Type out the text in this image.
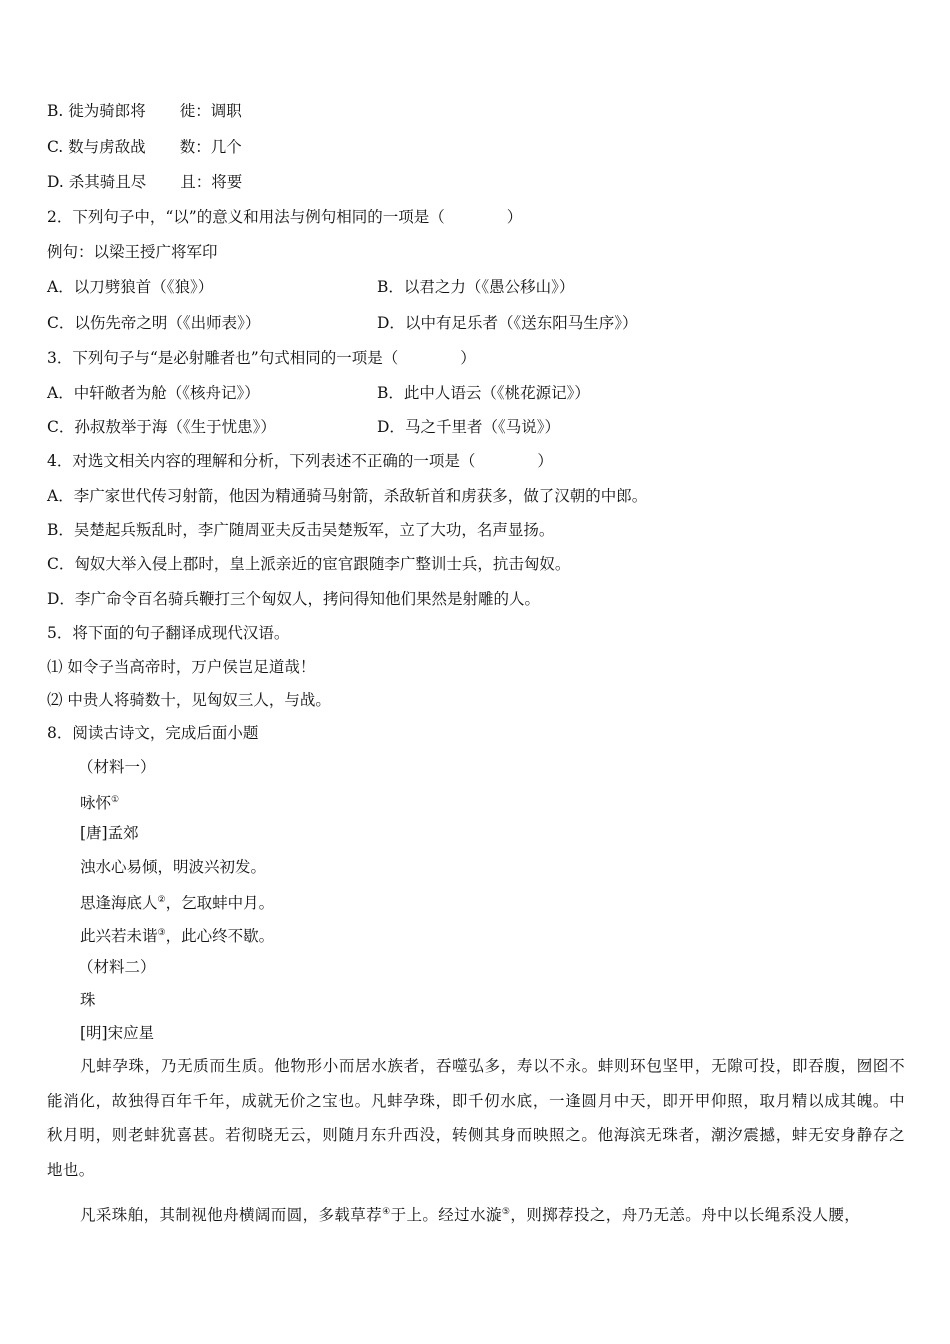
B. 徙为骑郎将 徙：调职
C. 数与虏敌战 数：几个
D. 杀其骑且尽 且：将要
2．下列句子中，“以”的意义和用法与例句相同的一项是（　　　　）
例句：以梁王授广将军印
A．以刀劈狼首（《狼》）	B．以君之力（《愚公移山》）
C．以伤先帝之明（《出师表》）	D．以中有足乐者（《送东阳马生序》）
3．下列句子与“是必射雕者也”句式相同的一项是（　　　　）
A．中轩敞者为舱（《核舟记》）	B．此中人语云（《桃花源记》）
C．孙叔敖举于海（《生于忧患》）	D．马之千里者（《马说》）
4．对选文相关内容的理解和分析，下列表述不正确的一项是（　　　　）
A．李广家世代传习射箭，他因为精通骑马射箭，杀敌斩首和虏获多，做了汉朝的中郎。
B．吴楚起兵叛乱时，李广随周亚夫反击吴楚叛军，立了大功，名声显扬。
C．匈奴大举入侵上郡时，皇上派亲近的宦官跟随李广整训士兵，抗击匈奴。
D．李广命令百名骑兵鞭打三个匈奴人，拷问得知他们果然是射雕的人。
5．将下面的句子翻译成现代汉语。
⑴ 如令子当高帝时，万户侯岂足道哉！
⑵ 中贵人将骑数十，见匈奴三人，与战。
8．阅读古诗文，完成后面小题
（材料一）
咏怀①
[唐]孟郊
浊水心易倾，明波兴初发。
思逢海底人②，乞取蚌中月。
此兴若未谐③，此心终不歇。
（材料二）
珠
[明]宋应星
凡蚌孕珠，乃无质而生质。他物形小而居水族者，吞噬弘多，寿以不永。蚌则环包坚甲，无隙可投，即吞腹，囫囵不能消化，故独得百年千年，成就无价之宝也。凡蚌孕珠，即千仞水底，一逢圆月中天，即开甲仰照，取月精以成其魄。中秋月明，则老蚌犹喜甚。若彻晓无云，则随月东升西没，转侧其身而映照之。他海滨无珠者，潮汐震撼，蚌无安身静存之地也。
凡采珠舶，其制视他舟横阔而圆，多载草荐④于上。经过水漩⑤，则掷荐投之，舟乃无恙。舟中以长绳系没人腰，
